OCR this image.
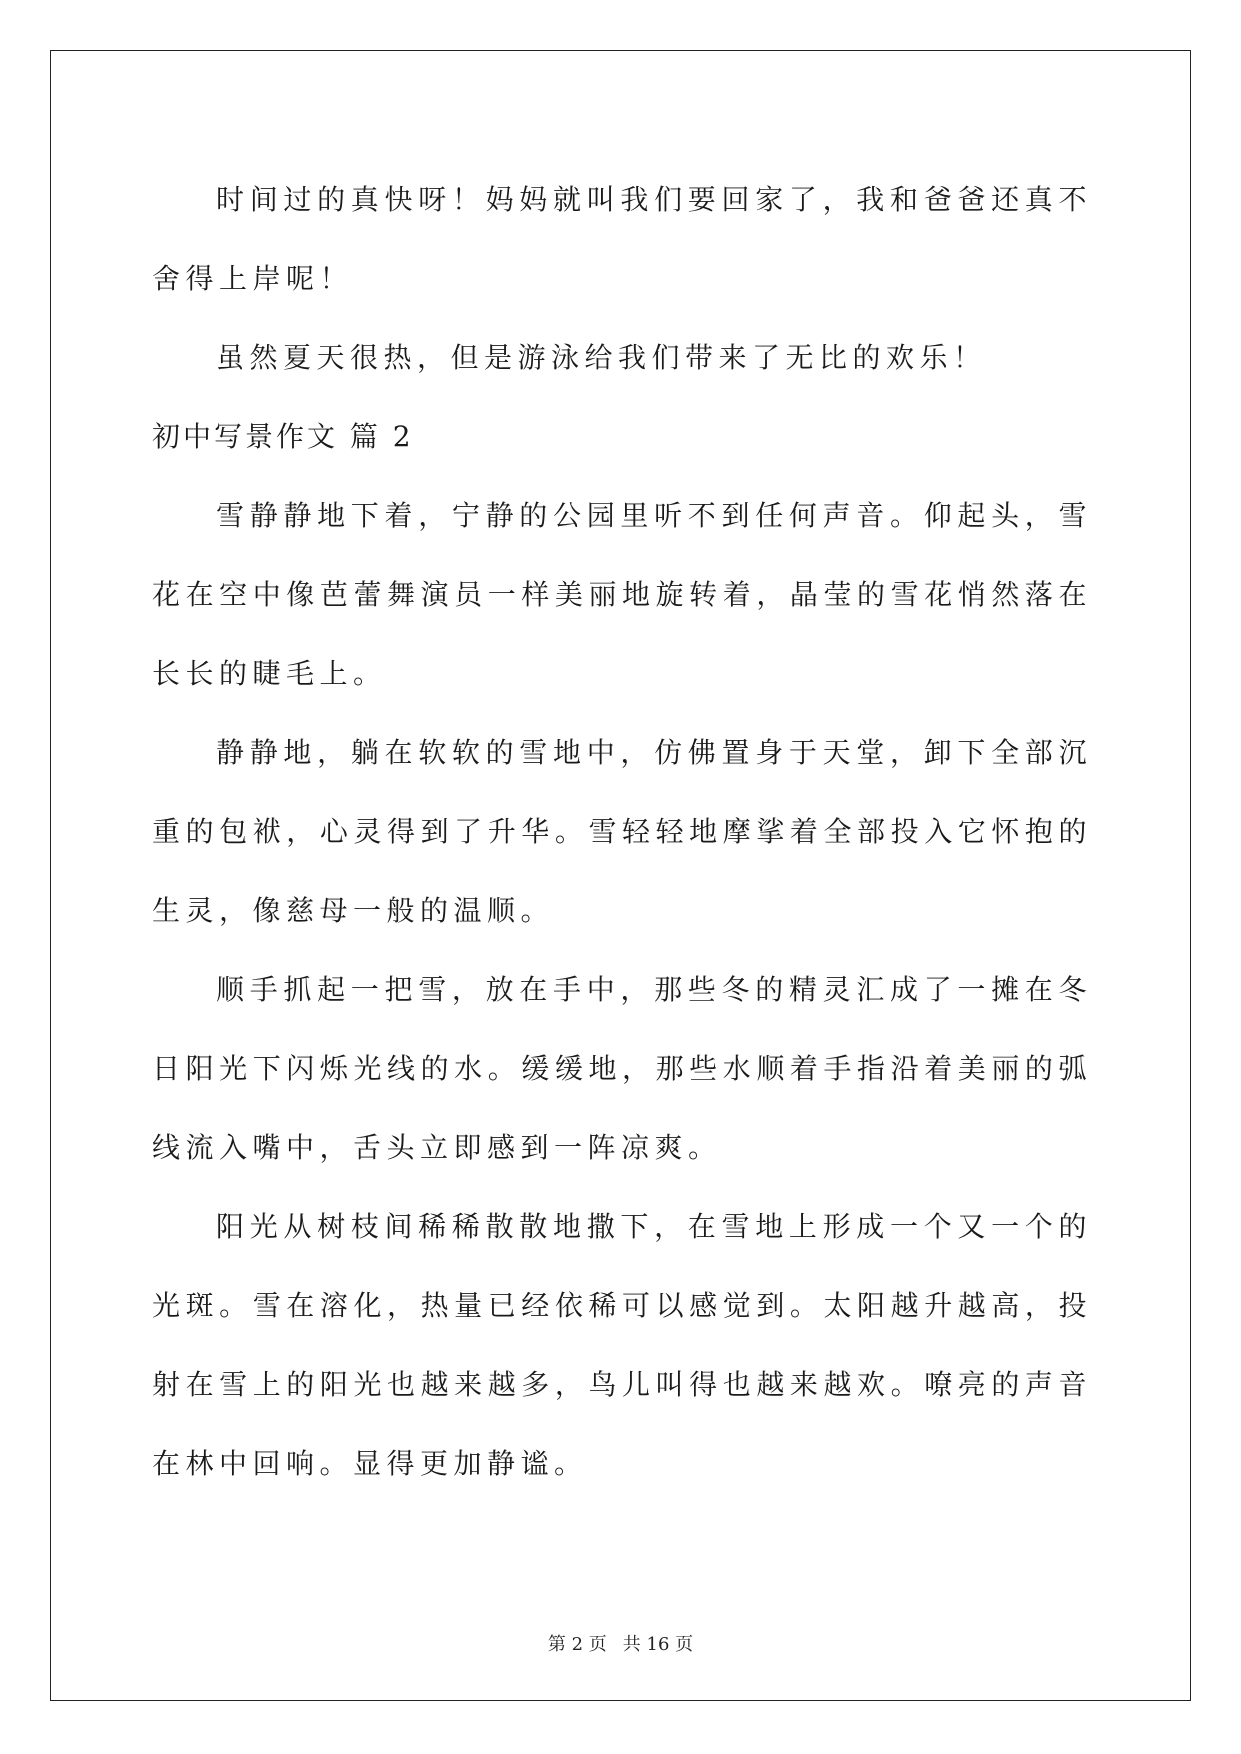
时间过的真快呀！妈妈就叫我们要回家了，我和爸爸还真不舍得上岸呢！

虽然夏天很热，但是游泳给我们带来了无比的欢乐！

初中写景作文 篇 2

雪静静地下着，宁静的公园里听不到任何声音。仰起头，雪花在空中像芭蕾舞演员一样美丽地旋转着，晶莹的雪花悄然落在长长的睫毛上。

静静地，躺在软软的雪地中，仿佛置身于天堂，卸下全部沉重的包袱，心灵得到了升华。雪轻轻地摩挲着全部投入它怀抱的生灵，像慈母一般的温顺。

顺手抓起一把雪，放在手中，那些冬的精灵汇成了一摊在冬日阳光下闪烁光线的水。缓缓地，那些水顺着手指沿着美丽的弧线流入嘴中，舌头立即感到一阵凉爽。

阳光从树枝间稀稀散散地撒下，在雪地上形成一个又一个的光斑。雪在溶化，热量已经依稀可以感觉到。太阳越升越高，投射在雪上的阳光也越来越多，鸟儿叫得也越来越欢。嘹亮的声音在林中回响。显得更加静谧。

第 2 页 共 16 页
